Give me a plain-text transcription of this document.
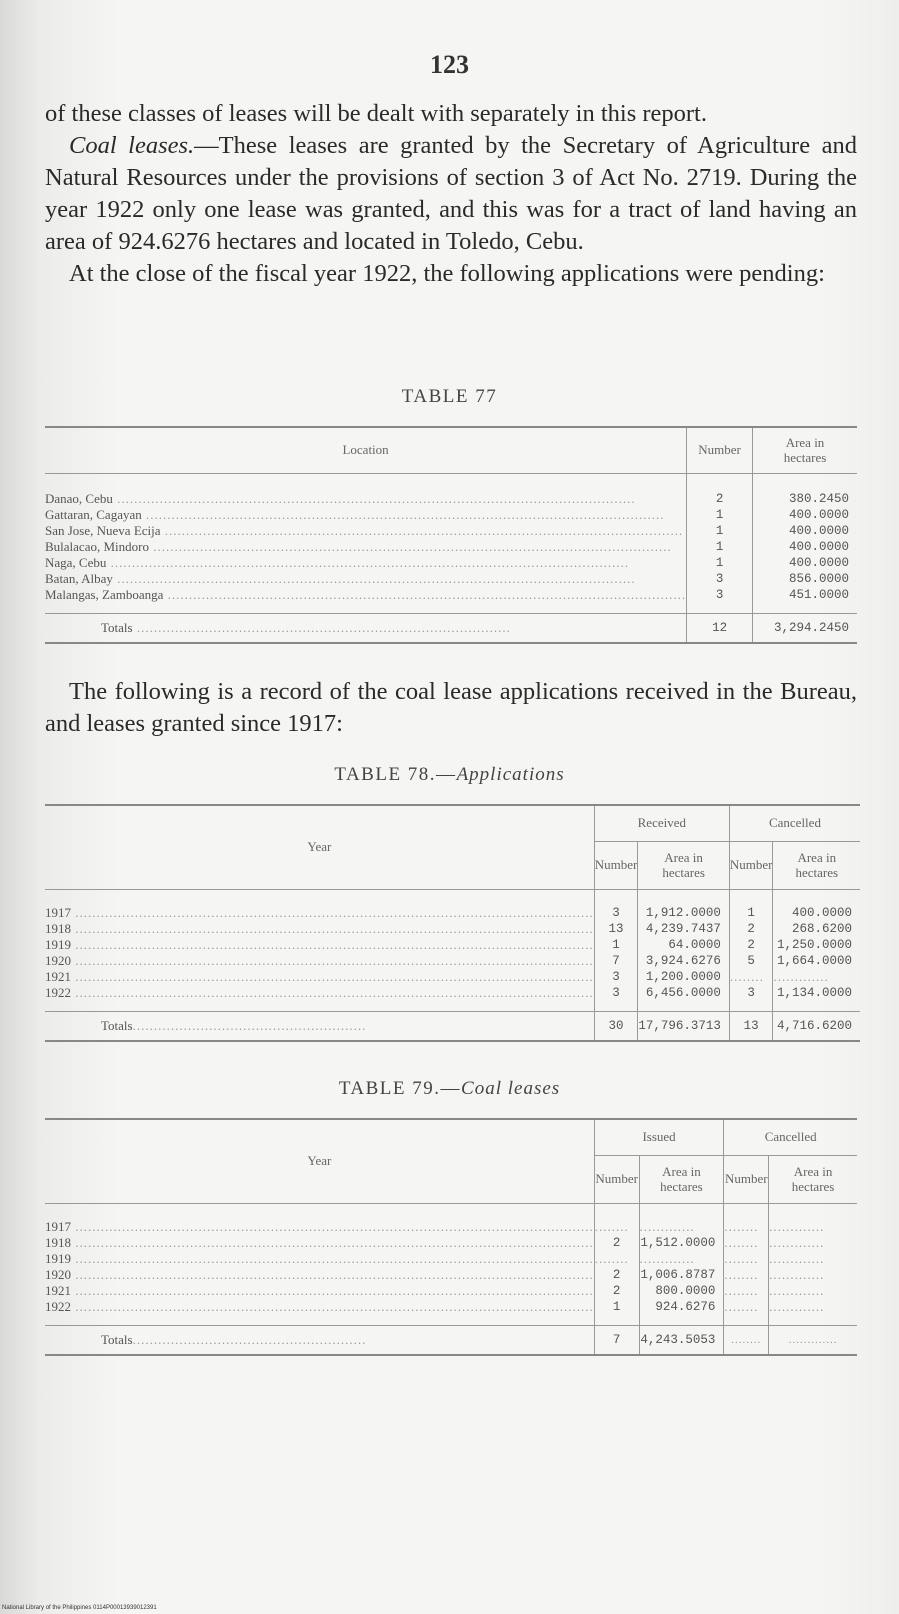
123

of these classes of leases will be dealt with separately in this report.

Coal leases.—These leases are granted by the Secretary of Agriculture and Natural Resources under the provisions of section 3 of Act No. 2719. During the year 1922 only one lease was granted, and this was for a tract of land having an area of 924.6276 hectares and located in Toledo, Cebu.

At the close of the fiscal year 1922, the following applications were pending:

TABLE 77
Location	Number	Area in hectares

Danao, Cebu ..........................................................................................................................	2	380.2450
Gattaran, Cagayan ..........................................................................................................................	1	400.0000
San Jose, Nueva Ecija ..........................................................................................................................	1	400.0000
Bulalacao, Mindoro ..........................................................................................................................	1	400.0000
Naga, Cebu ..........................................................................................................................	1	400.0000
Batan, Albay ..........................................................................................................................	3	856.0000
Malangas, Zamboanga ..........................................................................................................................	3	451.0000

Totals ........................................................................................	12	3,294.2450

The following is a record of the coal lease applications received in the Bureau, and leases granted since 1917:

TABLE 78.—Applications
Year	Received		Cancelled	
	Number	Area in hectares	Number	Area in hectares

1917 ..........................................................................................................................	3	1,912.0000	1	400.0000
1918 ..........................................................................................................................	13	4,239.7437	2	268.6200
1919 ..........................................................................................................................	1	64.0000	2	1,250.0000
1920 ..........................................................................................................................	7	3,924.6276	5	1,664.0000
1921 ..........................................................................................................................	3	1,200.0000	........	.............
1922 ..........................................................................................................................	3	6,456.0000	3	1,134.0000

Totals.......................................................	30	17,796.3713	13	4,716.6200
TABLE 79.—Coal leases
Year	Issued		Cancelled	
	Number	Area in hectares	Number	Area in hectares

1917 ..........................................................................................................................	........	.............	........	.............
1918 ..........................................................................................................................	2	1,512.0000	........	.............
1919 ..........................................................................................................................	........	.............	........	.............
1920 ..........................................................................................................................	2	1,006.8787	........	.............
1921 ..........................................................................................................................	2	800.0000	........	.............
1922 ..........................................................................................................................	1	924.6276	........	.............

Totals.......................................................	7	4,243.5053	........	.............
National Library of the Philippines 0114P00013939012391
